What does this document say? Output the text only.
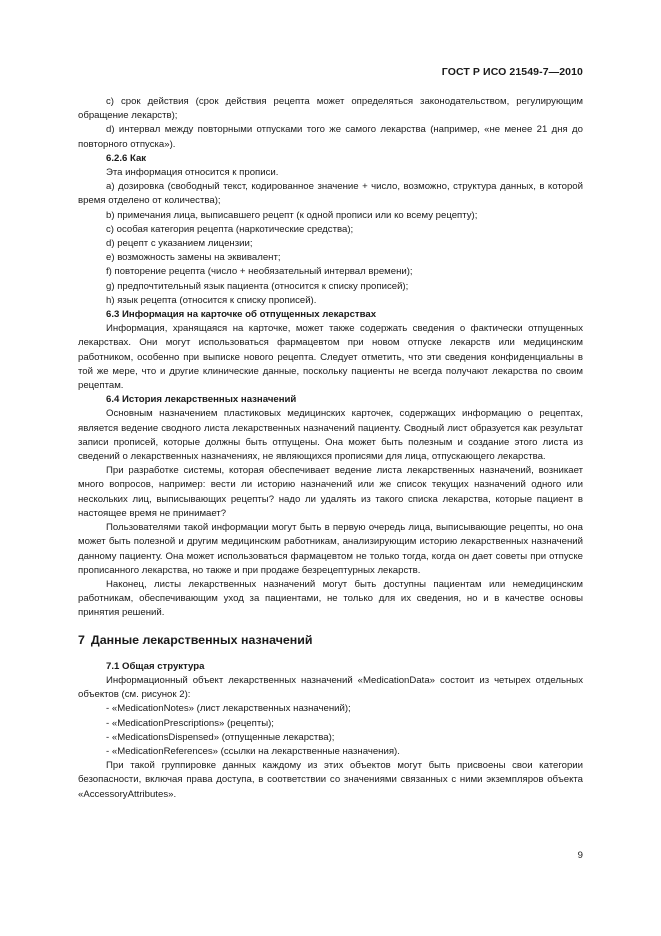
ГОСТ Р ИСО 21549-7—2010

c) срок действия (срок действия рецепта может определяться законодательством, регулирующим обращение лекарств);

d) интервал между повторными отпусками того же самого лекарства (например, «не менее 21 дня до повторного отпуска»).

6.2.6 Как

Эта информация относится к прописи.

a) дозировка (свободный текст, кодированное значение + число, возможно, структура данных, в которой время отделено от количества);

b) примечания лица, выписавшего рецепт (к одной прописи или ко всему рецепту);

c) особая категория рецепта (наркотические средства);

d) рецепт с указанием лицензии;

e) возможность замены на эквивалент;

f) повторение рецепта (число + необязательный интервал времени);

g) предпочтительный язык пациента (относится к списку прописей);

h) язык рецепта (относится к списку прописей).

6.3 Информация на карточке об отпущенных лекарствах

Информация, хранящаяся на карточке, может также содержать сведения о фактически отпущенных лекарствах. Они могут использоваться фармацевтом при новом отпуске лекарств или медицинским работником, особенно при выписке нового рецепта. Следует отметить, что эти сведения конфиденциальны в той же мере, что и другие клинические данные, поскольку пациенты не всегда получают лекарства по своим рецептам.

6.4 История лекарственных назначений

Основным назначением пластиковых медицинских карточек, содержащих информацию о рецептах, является ведение сводного листа лекарственных назначений пациенту. Сводный лист образуется как результат записи прописей, которые должны быть отпущены. Она может быть полезным и создание этого листа из сведений о лекарственных назначениях, не являющихся прописями для лица, отпускающего лекарства.

При разработке системы, которая обеспечивает ведение листа лекарственных назначений, возникает много вопросов, например: вести ли историю назначений или же список текущих назначений одного или нескольких лиц, выписывающих рецепты? надо ли удалять из такого списка лекарства, которые пациент в настоящее время не принимает?

Пользователями такой информации могут быть в первую очередь лица, выписывающие рецепты, но она может быть полезной и другим медицинским работникам, анализирующим историю лекарственных назначений данному пациенту. Она может использоваться фармацевтом не только тогда, когда он дает советы при отпуске прописанного лекарства, но также и при продаже безрецептурных лекарств.

Наконец, листы лекарственных назначений могут быть доступны пациентам или немедицинским работникам, обеспечивающим уход за пациентами, не только для их сведения, но и в качестве основы принятия решений.

7 Данные лекарственных назначений

7.1 Общая структура

Информационный объект лекарственных назначений «MedicationData» состоит из четырех отдельных объектов (см. рисунок 2):

- «MedicationNotes» (лист лекарственных назначений);

- «MedicationPrescriptions» (рецепты);

- «MedicationsDispensed» (отпущенные лекарства);

- «MedicationReferences» (ссылки на лекарственные назначения).

При такой группировке данных каждому из этих объектов могут быть присвоены свои категории безопасности, включая права доступа, в соответствии со значениями связанных с ними экземпляров объекта «AccessoryAttributes».

9
